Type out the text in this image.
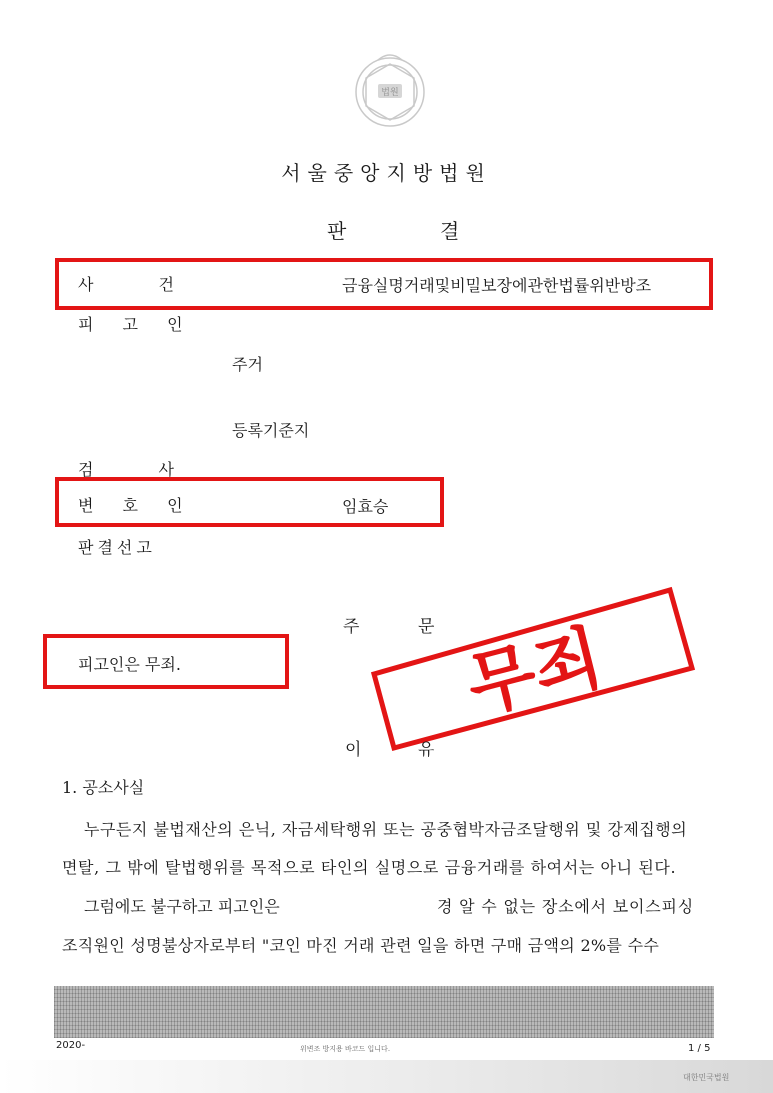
법원
서울중앙지방법원
판	결
사 건	금융실명거래및비밀보장에관한법률위반방조
피 고 인
주거
등록기준지
검 사
변 호 인	임효승
판결선고
주	문
피고인은 무죄.	무죄
이	유
1. 공소사실
누구든지 불법재산의 은닉, 자금세탁행위 또는 공중협박자금조달행위 및 강제집행의
면탈, 그 밖에 탈법행위를 목적으로 타인의 실명으로 금융거래를 하여서는 아니 된다.
그럼에도 불구하고 피고인은	경 알 수 없는 장소에서 보이스피싱
조직원인 성명불상자로부터 "코인 마진 거래 관련 일을 하면 구매 금액의 2%를 수수
2020-	위변조 방지용 바코드 입니다.	1 / 5
대한민국법원
